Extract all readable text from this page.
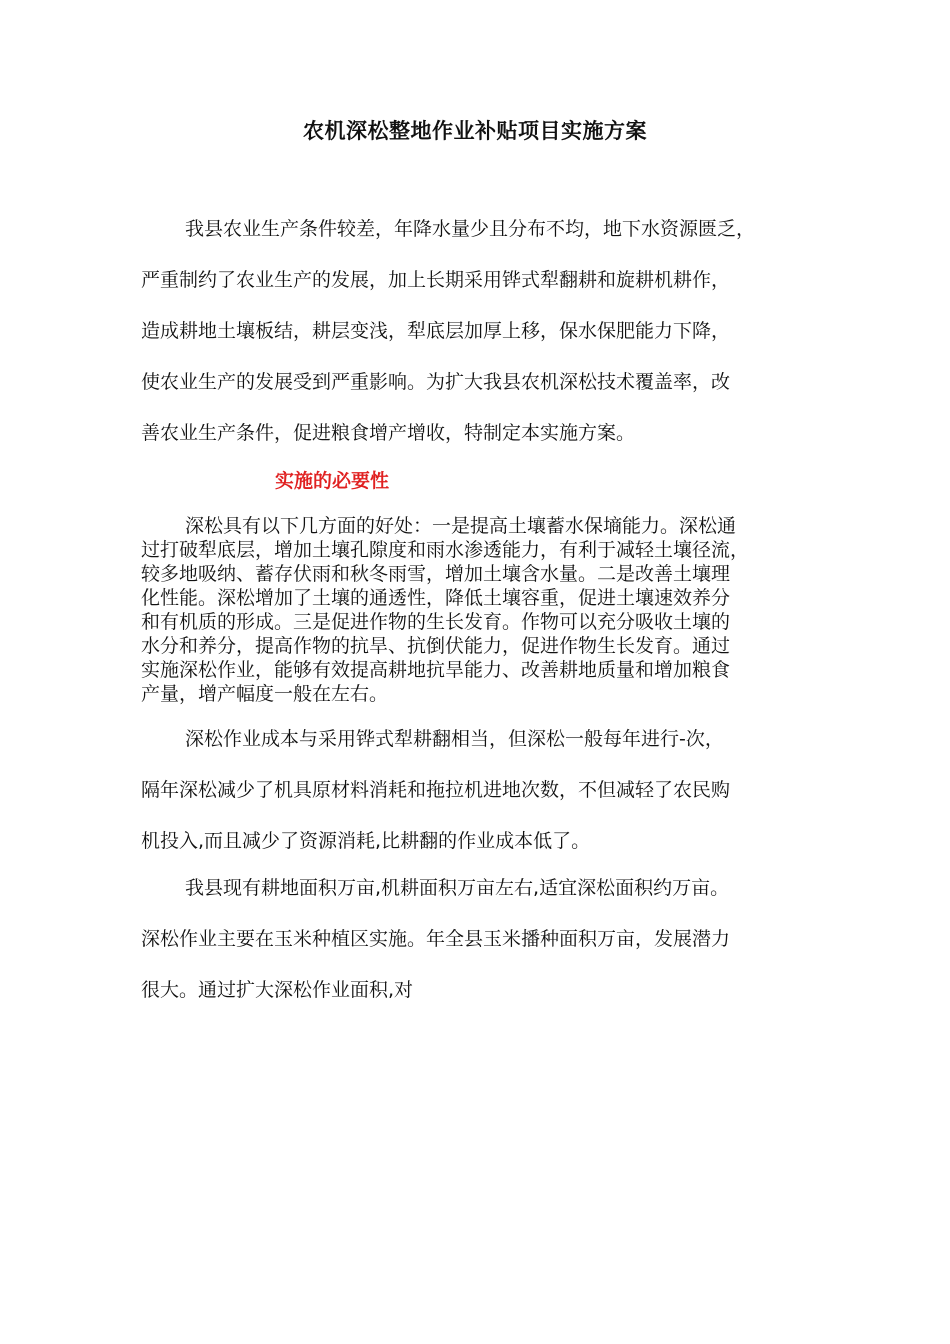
农机深松整地作业补贴项目实施方案
我县农业生产条件较差，年降水量少且分布不均，地下水资源匮乏，
严重制约了农业生产的发展，加上长期采用铧式犁翻耕和旋耕机耕作，
造成耕地土壤板结，耕层变浅，犁底层加厚上移，保水保肥能力下降，
使农业生产的发展受到严重影响。为扩大我县农机深松技术覆盖率，改
善农业生产条件，促进粮食增产增收，特制定本实施方案。
实施的必要性
深松具有以下几方面的好处：一是提高土壤蓄水保墒能力。深松通
过打破犁底层，增加土壤孔隙度和雨水渗透能力，有利于减轻土壤径流，
较多地吸纳、蓄存伏雨和秋冬雨雪，增加土壤含水量。二是改善土壤理
化性能。深松增加了土壤的通透性，降低土壤容重，促进土壤速效养分
和有机质的形成。三是促进作物的生长发育。作物可以充分吸收土壤的
水分和养分，提高作物的抗旱、抗倒伏能力，促进作物生长发育。通过
实施深松作业，能够有效提高耕地抗旱能力、改善耕地质量和增加粮食
产量，增产幅度一般在左右。
深松作业成本与采用铧式犁耕翻相当，但深松一般每年进行-次，
隔年深松减少了机具原材料消耗和拖拉机进地次数，不但减轻了农民购
机投入,而且减少了资源消耗,比耕翻的作业成本低了。
我县现有耕地面积万亩,机耕面积万亩左右,适宜深松面积约万亩。
深松作业主要在玉米种植区实施。年全县玉米播种面积万亩，发展潜力
很大。通过扩大深松作业面积,对
